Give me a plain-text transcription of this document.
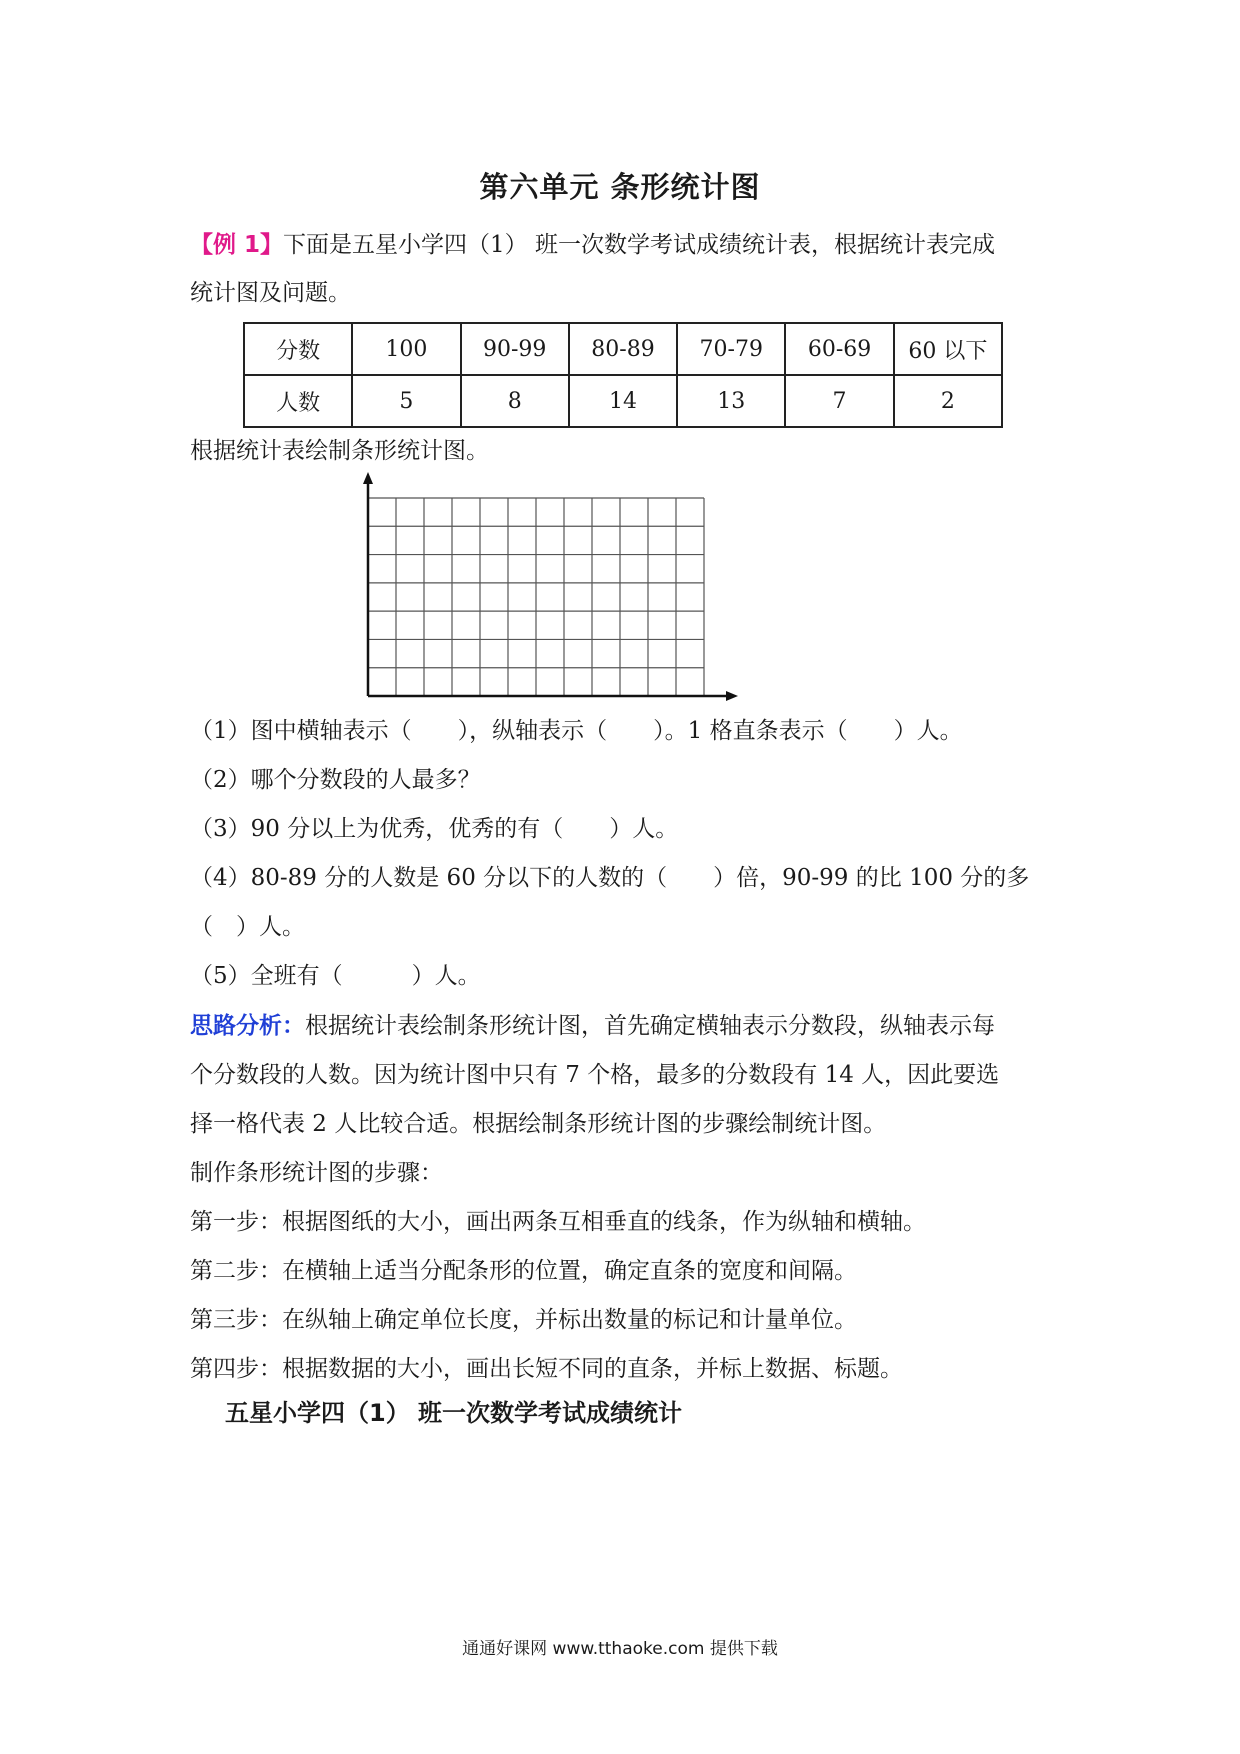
第六单元 条形统计图
【例 1】下面是五星小学四（1） 班一次数学考试成绩统计表，根据统计表完成
统计图及问题。
分数	100	90-99	80-89	70-79	60-69	60 以下
人数	5	8	14	13	7	2
根据统计表绘制条形统计图。
（1）图中横轴表示（　　），纵轴表示（　　）。1 格直条表示（　　）人。
（2）哪个分数段的人最多？
（3）90 分以上为优秀，优秀的有（　　）人。
（4）80-89 分的人数是 60 分以下的人数的（　　）倍，90-99 的比 100 分的多
（　）人。
（5）全班有（　　　）人。
思路分析：根据统计表绘制条形统计图，首先确定横轴表示分数段，纵轴表示每
个分数段的人数。因为统计图中只有 7 个格，最多的分数段有 14 人，因此要选
择一格代表 2 人比较合适。根据绘制条形统计图的步骤绘制统计图。
制作条形统计图的步骤：
第一步：根据图纸的大小，画出两条互相垂直的线条，作为纵轴和横轴。
第二步：在横轴上适当分配条形的位置，确定直条的宽度和间隔。
第三步：在纵轴上确定单位长度，并标出数量的标记和计量单位。
第四步：根据数据的大小，画出长短不同的直条，并标上数据、标题。
五星小学四（1） 班一次数学考试成绩统计
通通好课网 www.tthaoke.com 提供下载
